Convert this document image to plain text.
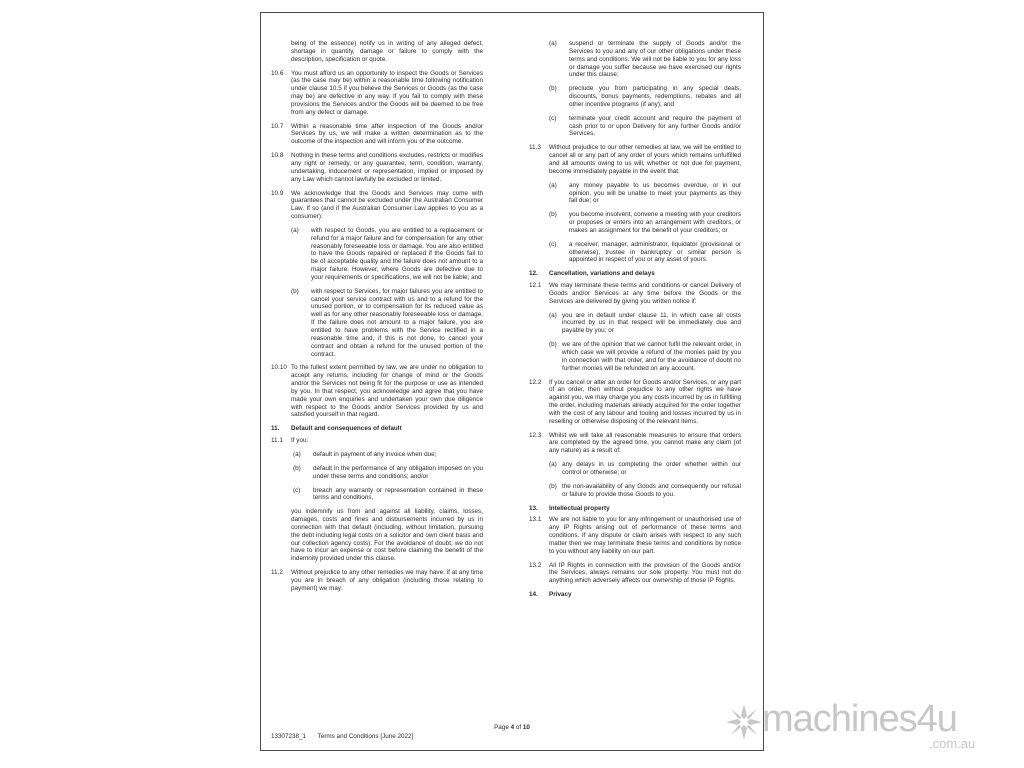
being of the essence) notify us in writing of any alleged defect, shortage in quantity, damage or failure to comply with the description, specification or quote.
10.6 You must afford us an opportunity to inspect the Goods or Services (as the case may be) within a reasonable time following notification under clause 10.5 if you believe the Services or Goods (as the case may be) are defective in any way. If you fail to comply with these provisions the Services and/or the Goods will be deemed to be free from any defect or damage.
10.7 Within a reasonable time after inspection of the Goods and/or Services by us, we will make a written determination as to the outcome of the inspection and will inform you of the outcome.
10.8 Nothing in these terms and conditions excludes, restricts or modifies any right or remedy, or any guarantee, term, condition, warranty, undertaking, inducement or representation, implied or imposed by any Law which cannot lawfully be excluded or limited.
10.9 We acknowledge that the Goods and Services may come with guarantees that cannot be excluded under the Australian Consumer Law. If so (and if the Australian Consumer Law applies to you as a consumer):
(a) with respect to Goods, you are entitled to a replacement or refund for a major failure and for compensation for any other reasonably foreseeable loss or damage. You are also entitled to have the Goods repaired or replaced if the Goods fail to be of acceptable quality and the failure does not amount to a major failure. However, where Goods are defective due to your requirements or specifications, we will not be liable; and
(b) with respect to Services, for major failures you are entitled to cancel your service contract with us and to a refund for the unused portion, or to compensation for its reduced value as well as for any other reasonably foreseeable loss or damage. If the failure does not amount to a major failure, you are entitled to have problems with the Service rectified in a reasonable time and, if this is not done, to cancel your contract and obtain a refund for the unused portion of the contract.
10.10 To the fullest extent permitted by law, we are under no obligation to accept any returns, including for change of mind or the Goods and/or the Services not being fit for the purpose or use as intended by you. In that respect, you acknowledge and agree that you have made your own enquiries and undertaken your own due diligence with respect to the Goods and/or Services provided by us and satisfied yourself in that regard.
11. Default and consequences of default
11.1 If you:
(a) default in payment of any invoice when due;
(b) default in the performance of any obligation imposed on you under these terms and conditions; and/or
(c) breach any warranty or representation contained in these terms and conditions,
you indemnify us from and against all liability, claims, losses, damages, costs and fines and disbursements incurred by us in connection with that default (including, without limitation, pursuing the debt including legal costs on a solicitor and own client basis and our collection agency costs). For the avoidance of doubt, we do not have to incur an expense or cost before claiming the benefit of the indemnity provided under this clause.
11.2 Without prejudice to any other remedies we may have, if at any time you are in breach of any obligation (including those relating to payment) we may:
(a) suspend or terminate the supply of Goods and/or the Services to you and any of our other obligations under these terms and conditions. We will not be liable to you for any loss or damage you suffer because we have exercised our rights under this clause;
(b) preclude you from participating in any special deals, discounts, bonus payments, redemptions, rebates and all other incentive programs (if any); and
(c) terminate your credit account and require the payment of cash prior to or upon Delivery for any further Goods and/or Services.
11.3 Without prejudice to our other remedies at law, we will be entitled to cancel all or any part of any order of yours which remains unfulfilled and all amounts owing to us will, whether or not due for payment, become immediately payable in the event that:
(a) any money payable to us becomes overdue, or in our opinion, you will be unable to meet your payments as they fall due; or
(b) you become insolvent, convene a meeting with your creditors or proposes or enters into an arrangement with creditors, or makes an assignment for the benefit of your creditors; or
(c) a receiver, manager, administrator, liquidator (provisional or otherwise), trustee in bankruptcy or similar person is appointed in respect of you or any asset of yours.
12. Cancellation, variations and delays
12.1 We may terminate these terms and conditions or cancel Delivery of Goods and/or Services at any time before the Goods or the Services are delivered by giving you written notice if:
(a) you are in default under clause 11, in which case all costs incurred by us in that respect will be immediately due and payable by you; or
(b) we are of the opinion that we cannot fulfil the relevant order, in which case we will provide a refund of the monies paid by you in connection with that order, and for the avoidance of doubt no further monies will be refunded on any account.
12.2 If you cancel or alter an order for Goods and/or Services, or any part of an order, then without prejudice to any other rights we have against you, we may charge you any costs incurred by us in fulfilling the order, including materials already acquired for the order together with the cost of any labour and tooling and losses incurred by us in reselling or otherwise disposing of the relevant items.
12.3 Whilst we will take all reasonable measures to ensure that orders are completed by the agreed time, you cannot make any claim (of any nature) as a result of:
(a) any delays in us completing the order whether within our control or otherwise; or
(b) the non-availability of any Goods and consequently our refusal or failure to provide those Goods to you.
13. Intellectual property
13.1 We are not liable to you for any infringement or unauthorised use of any IP Rights arising out of performance of these terms and conditions. If any dispute or claim arises with respect to any such matter then we may terminate these terms and conditions by notice to you without any liability on our part.
13.2 All IP Rights in connection with the provision of the Goods and/or the Services, always remains our sole property. You must not do anything which adversely affects our ownership of those IP Rights.
14. Privacy
Page 4 of 10
13307238_1 Terms and Conditions [June 2022]	machines4u
.com.au
